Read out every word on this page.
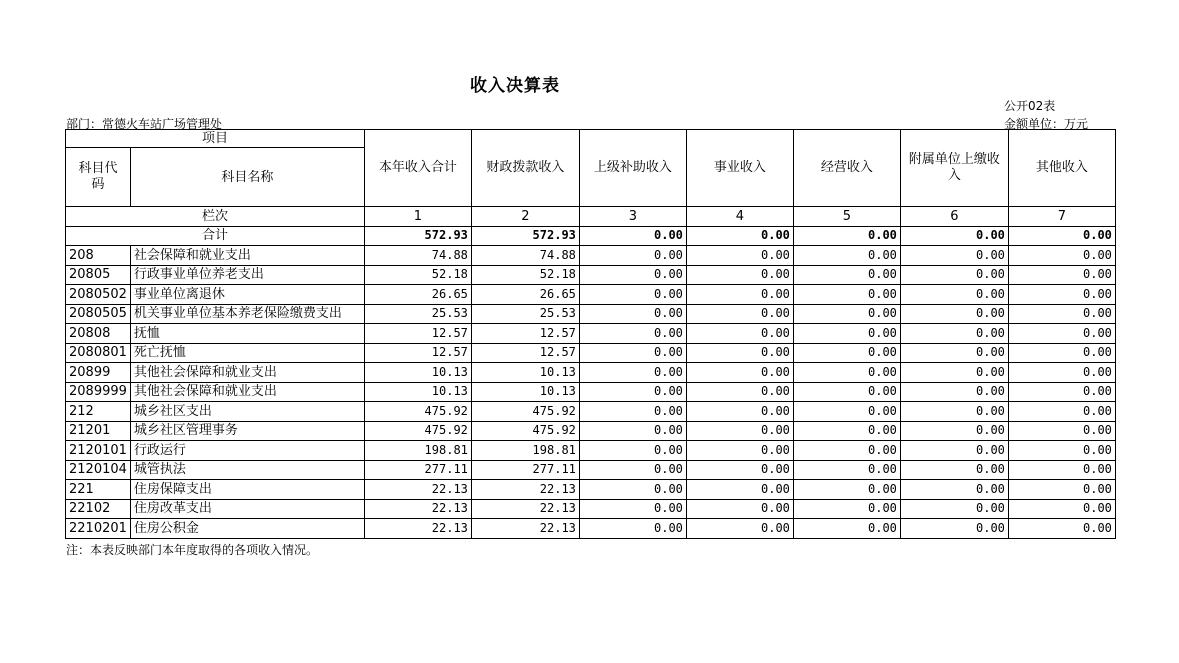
收入决算表
公开02表
部门：常德火车站广场管理处	金额单位：万元
项目		本年收入合计	财政拨款收入	上级补助收入	事业收入	经营收入	附属单位上缴收入	其他收入
科目代码	科目名称							
栏次		1	2	3	4	5	6	7
合计		572.93	572.93	0.00	0.00	0.00	0.00	0.00
208	社会保障和就业支出	74.88	74.88	0.00	0.00	0.00	0.00	0.00
20805	行政事业单位养老支出	52.18	52.18	0.00	0.00	0.00	0.00	0.00
2080502	事业单位离退休	26.65	26.65	0.00	0.00	0.00	0.00	0.00
2080505	机关事业单位基本养老保险缴费支出	25.53	25.53	0.00	0.00	0.00	0.00	0.00
20808	抚恤	12.57	12.57	0.00	0.00	0.00	0.00	0.00
2080801	死亡抚恤	12.57	12.57	0.00	0.00	0.00	0.00	0.00
20899	其他社会保障和就业支出	10.13	10.13	0.00	0.00	0.00	0.00	0.00
2089999	其他社会保障和就业支出	10.13	10.13	0.00	0.00	0.00	0.00	0.00
212	城乡社区支出	475.92	475.92	0.00	0.00	0.00	0.00	0.00
21201	城乡社区管理事务	475.92	475.92	0.00	0.00	0.00	0.00	0.00
2120101	行政运行	198.81	198.81	0.00	0.00	0.00	0.00	0.00
2120104	城管执法	277.11	277.11	0.00	0.00	0.00	0.00	0.00
221	住房保障支出	22.13	22.13	0.00	0.00	0.00	0.00	0.00
22102	住房改革支出	22.13	22.13	0.00	0.00	0.00	0.00	0.00
2210201	住房公积金	22.13	22.13	0.00	0.00	0.00	0.00	0.00
注：本表反映部门本年度取得的各项收入情况。
